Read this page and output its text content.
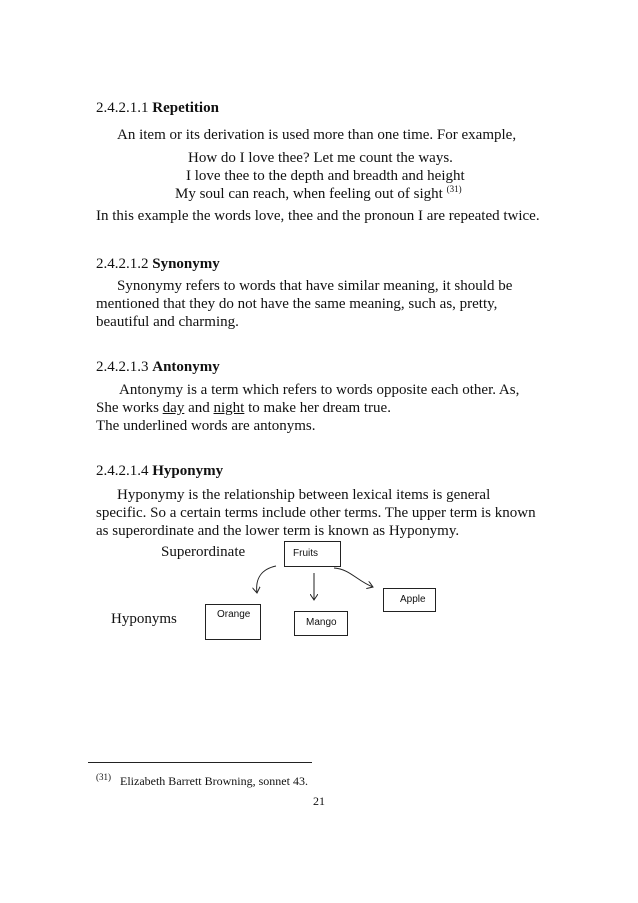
2.4.2.1.1 Repetition
An item or its derivation is used more than one time. For example,
How do I love thee? Let me count the ways.
I love thee to the depth and breadth and height
My soul can reach, when feeling out of sight $^{(31)}$
In this example the words love, thee and the pronoun I are repeated twice.
2.4.2.1.2 Synonymy
Synonymy refers to words that have similar meaning, it should be
mentioned that they do not have the same meaning, such as, pretty,
beautiful and charming.
2.4.2.1.3 Antonymy
Antonymy is a term which refers to words opposite each other. As,
She works day and night to make her dream true.
The underlined words are antonyms.
2.4.2.1.4 Hyponymy
Hyponymy is the relationship between lexical items is general
specific. So a certain terms include other terms. The upper term is known
as superordinate and the lower term is known as Hyponymy.
Superordinate
Hyponyms
Fruits
Orange
Mango
Apple
$^{(31)}$ Elizabeth Barrett Browning, sonnet 43.
21
